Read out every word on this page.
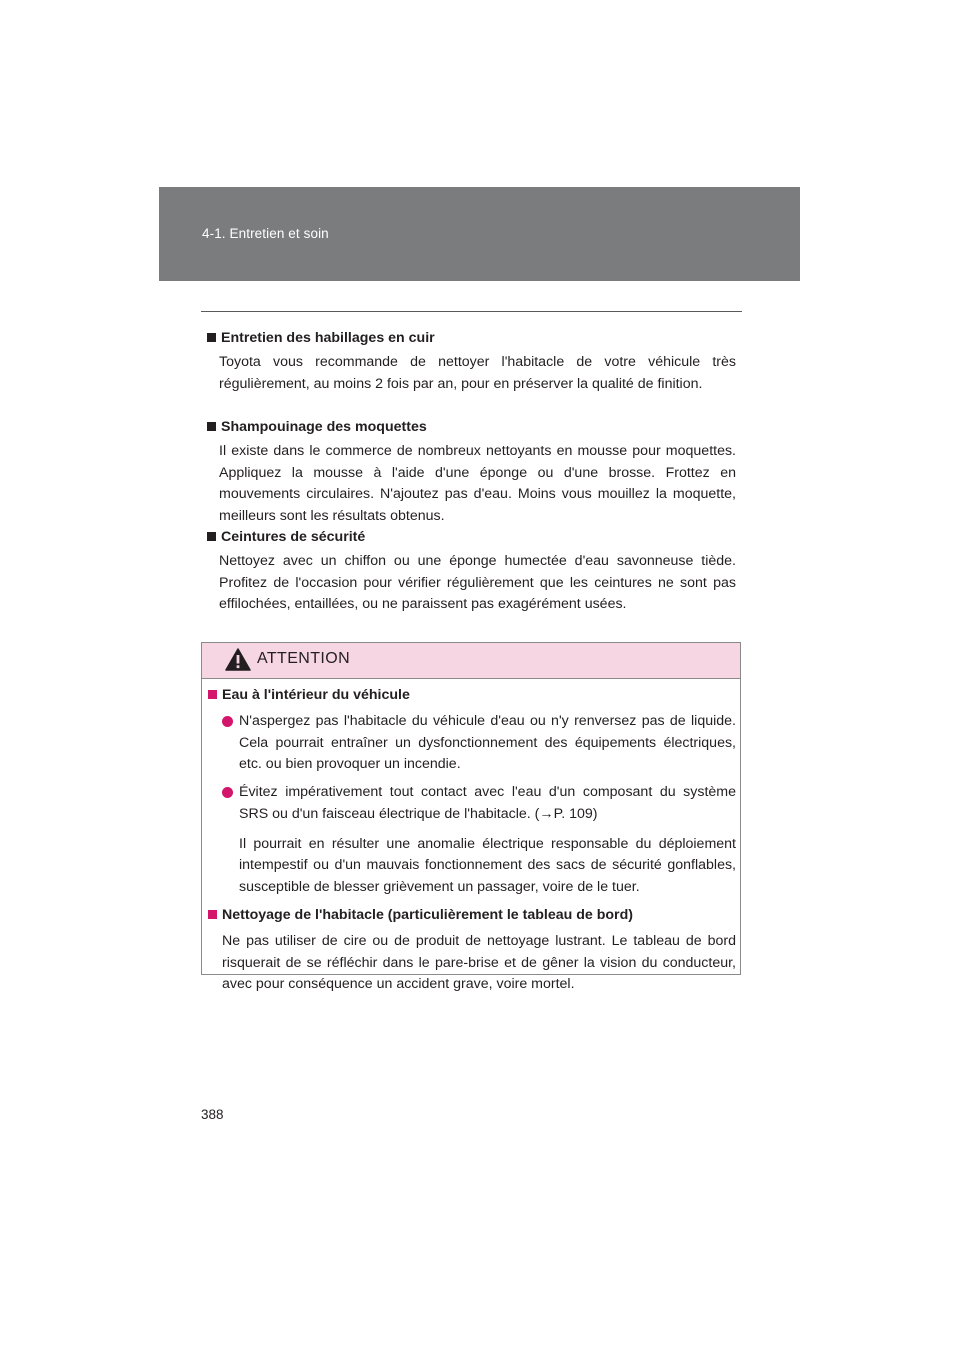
4-1. Entretien et soin
Entretien des habillages en cuir
Toyota vous recommande de nettoyer l'habitacle de votre véhicule très régulièrement, au moins 2 fois par an, pour en préserver la qualité de finition.
Shampouinage des moquettes
Il existe dans le commerce de nombreux nettoyants en mousse pour moquettes. Appliquez la mousse à l'aide d'une éponge ou d'une brosse. Frottez en mouvements circulaires. N'ajoutez pas d'eau. Moins vous mouillez la moquette, meilleurs sont les résultats obtenus.
Ceintures de sécurité
Nettoyez avec un chiffon ou une éponge humectée d'eau savonneuse tiède. Profitez de l'occasion pour vérifier régulièrement que les ceintures ne sont pas effilochées, entaillées, ou ne paraissent pas exagérément usées.
ATTENTION
Eau à l'intérieur du véhicule
N'aspergez pas l'habitacle du véhicule d'eau ou n'y renversez pas de liquide. Cela pourrait entraîner un dysfonctionnement des équipements électriques, etc. ou bien provoquer un incendie.
Évitez impérativement tout contact avec l'eau d'un composant du système SRS ou d'un faisceau électrique de l'habitacle. (→P. 109)
Il pourrait en résulter une anomalie électrique responsable du déploiement intempestif ou d'un mauvais fonctionnement des sacs de sécurité gonflables, susceptible de blesser grièvement un passager, voire de le tuer.
Nettoyage de l'habitacle (particulièrement le tableau de bord)
Ne pas utiliser de cire ou de produit de nettoyage lustrant. Le tableau de bord risquerait de se réfléchir dans le pare-brise et de gêner la vision du conducteur, avec pour conséquence un accident grave, voire mortel.
388
